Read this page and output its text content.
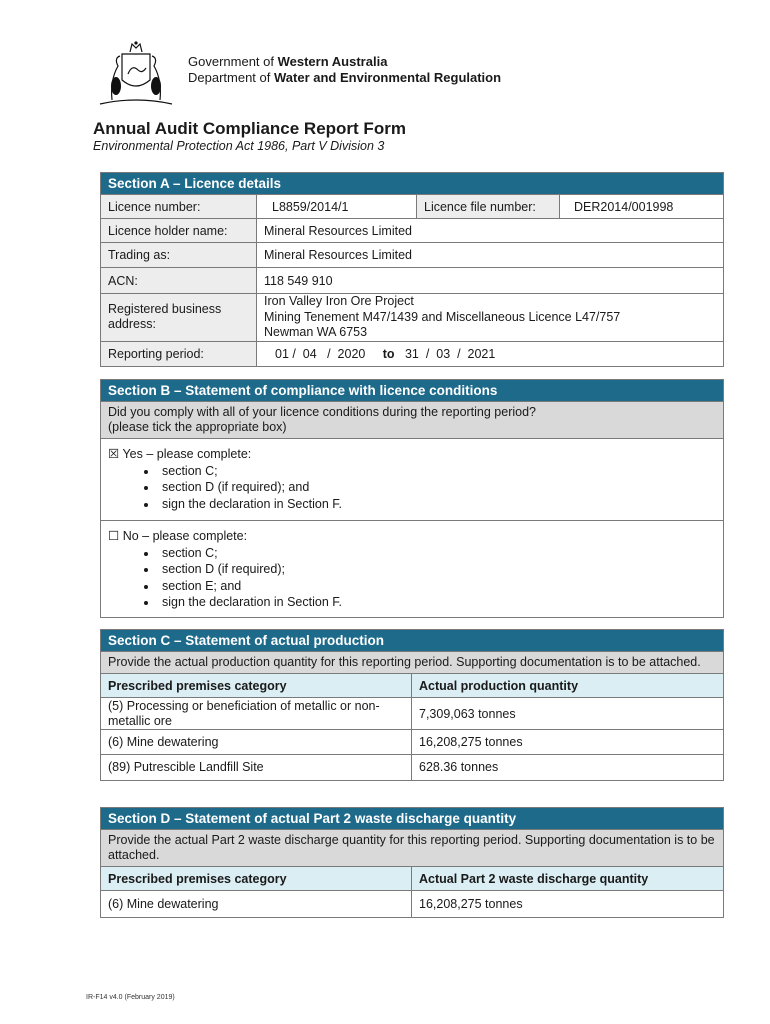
Government of Western Australia
Department of Water and Environmental Regulation
Annual Audit Compliance Report Form
Environmental Protection Act 1986, Part V Division 3
Section A – Licence details
Licence number:	L8859/2014/1	Licence file number:	DER2014/001998
Licence holder name:	Mineral Resources Limited		
Trading as:	Mineral Resources Limited		
ACN:	118 549 910		
Registered business address:	Iron Valley Iron Ore Project
Mining Tenement M47/1439 and Miscellaneous Licence L47/757
Newman WA 6753		

Reporting period:	01 /  04   /  2020 to 31  /  03  /  2021		
Section B – Statement of compliance with licence conditions
Did you comply with all of your licence conditions during the reporting period?
(please tick the appropriate box)
☒ Yes – please complete:
• section C;
• section D (if required); and
• sign the declaration in Section F.
☐ No – please complete:
• section C;
• section D (if required);
• section E; and
• sign the declaration in Section F.
Section C – Statement of actual production
Provide the actual production quantity for this reporting period. Supporting documentation is to be attached.
Prescribed premises category	Actual production quantity
(5) Processing or beneficiation of metallic or non-metallic ore	7,309,063 tonnes
(6) Mine dewatering	16,208,275 tonnes
(89) Putrescible Landfill Site	628.36 tonnes
Section D – Statement of actual Part 2 waste discharge quantity
Provide the actual Part 2 waste discharge quantity for this reporting period. Supporting documentation is to be attached.
Prescribed premises category	Actual Part 2 waste discharge quantity
(6) Mine dewatering	16,208,275 tonnes
IR-F14 v4.0 (February 2019)
